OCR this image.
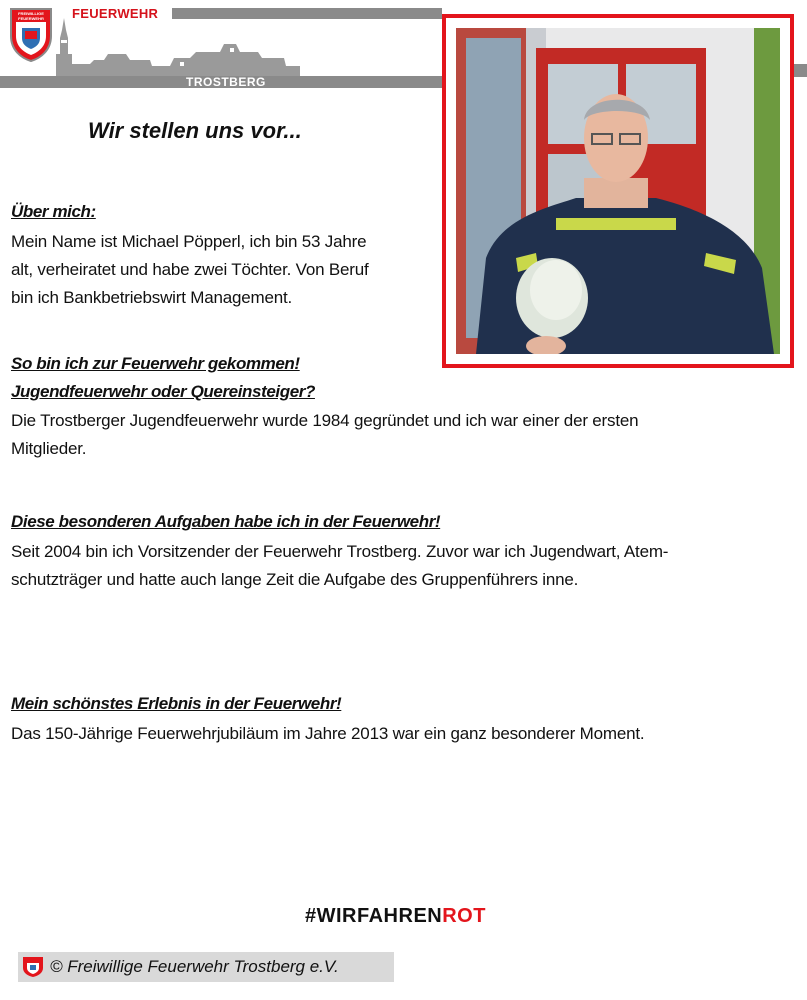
FREIWILLIGE
FEUERWEHR FEUERWEHR
TROSTBERG
Wir stellen uns vor...
Über mich:
Mein Name ist Michael Pöpperl, ich bin 53 Jahre
alt, verheiratet und habe zwei Töchter. Von Beruf
bin ich Bankbetriebswirt Management.
So bin ich zur Feuerwehr gekommen!
Jugendfeuerwehr oder Quereinsteiger?
Die Trostberger Jugendfeuerwehr wurde 1984 gegründet und ich war einer der ersten
Mitglieder.
Diese besonderen Aufgaben habe ich in der Feuerwehr!
Seit 2004 bin ich Vorsitzender der Feuerwehr Trostberg. Zuvor war ich Jugendwart, Atem-
schutzträger und hatte auch lange Zeit die Aufgabe des Gruppenführers inne.
Mein schönstes Erlebnis in der Feuerwehr!
Das 150-Jährige Feuerwehrjubiläum im Jahre 2013 war ein ganz besonderer Moment.
#WIRFAHRENROT
© Freiwillige Feuerwehr Trostberg e.V.
